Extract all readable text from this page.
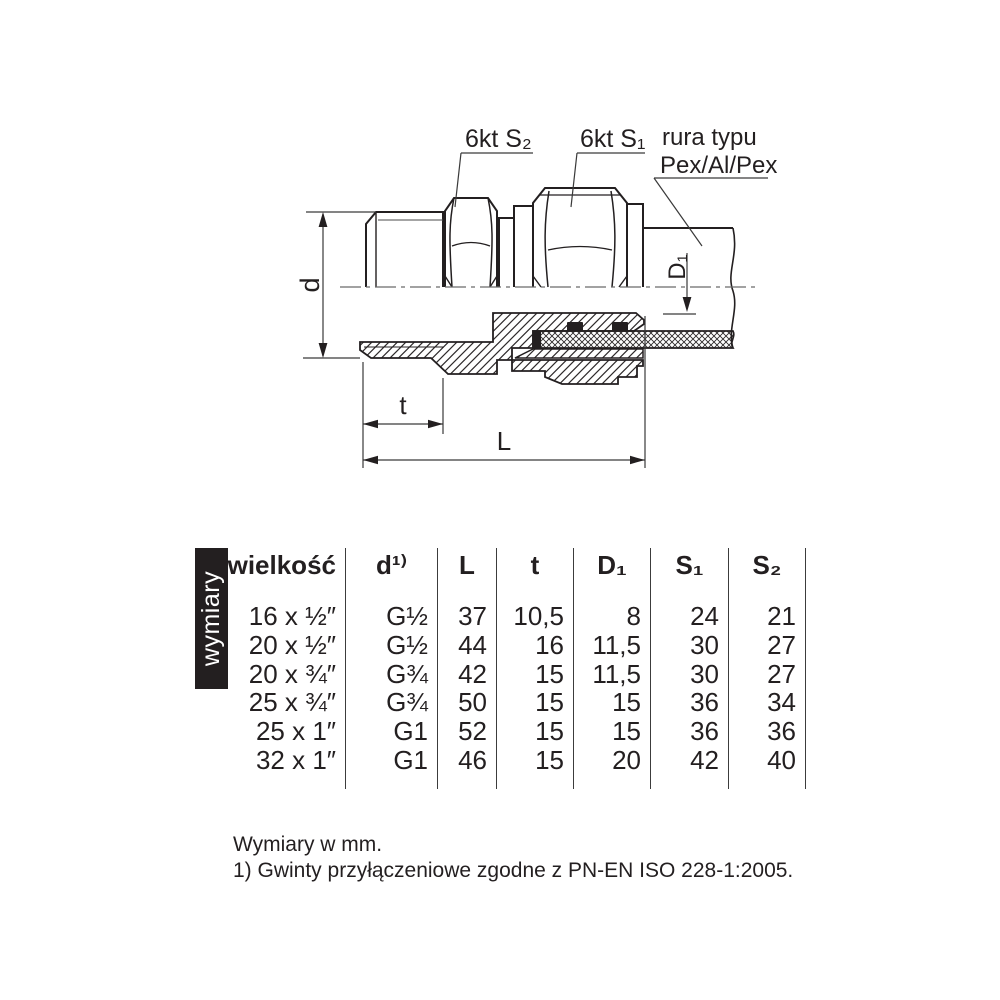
d
D₁
t
L
6kt S₂ 6kt S₁ rura typu
Pex/Al/Pex
wymiary
wielkość	d¹⁾	L	t	D₁	S₁	S₂
16 x ½″	G½	37	10,5	8	24	21
20 x ½″	G½	44	16	11,5	30	27
20 x ¾″	G¾	42	15	11,5	30	27
25 x ¾″	G¾	50	15	15	36	34
25 x 1″	G1	52	15	15	36	36
32 x 1″	G1	46	15	20	42	40
Wymiary w mm.
1) Gwinty przyłączeniowe zgodne z PN-EN ISO 228-1:2005.
